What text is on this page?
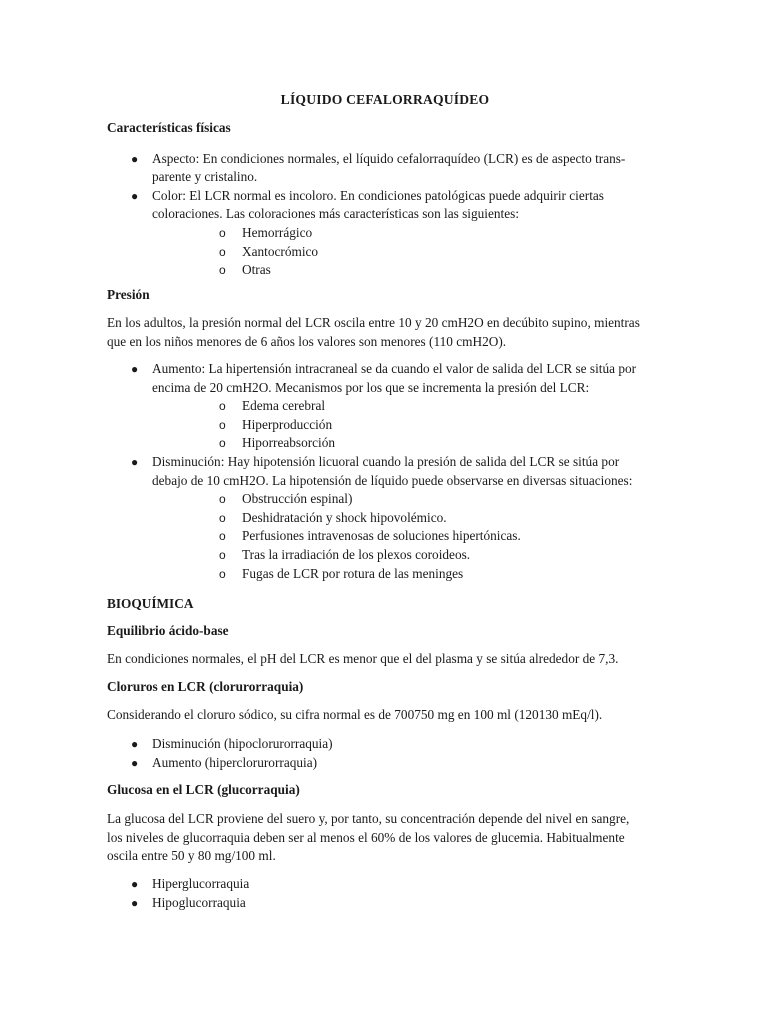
LÍQUIDO CEFALORRAQUÍDEO
Características físicas
● Aspecto: En condiciones normales, el líquido cefalorraquídeo (LCR) es de aspecto trans-
parente y cristalino.
● Color: El LCR normal es incoloro. En condiciones patológicas puede adquirir ciertas
coloraciones. Las coloraciones más características son las siguientes:
o Hemorrágico
o Xantocrómico
o Otras
Presión

En los adultos, la presión normal del LCR oscila entre 10 y 20 cmH2O en decúbito supino, mientras
que en los niños menores de 6 años los valores son menores (110 cmH2O).

● Aumento: La hipertensión intracraneal se da cuando el valor de salida del LCR se sitúa por
encima de 20 cmH2O. Mecanismos por los que se incrementa la presión del LCR:
o Edema cerebral
o Hiperproducción
o Hiporreabsorción
● Disminución: Hay hipotensión licuoral cuando la presión de salida del LCR se sitúa por
debajo de 10 cmH2O. La hipotensión de líquido puede observarse en diversas situaciones:
o Obstrucción espinal)
o Deshidratación y shock hipovolémico.
o Perfusiones intravenosas de soluciones hipertónicas.
o Tras la irradiación de los plexos coroideos.
o Fugas de LCR por rotura de las meninges
BIOQUÍMICA
Equilibrio ácido-base

En condiciones normales, el pH del LCR es menor que el del plasma y se sitúa alrededor de 7,3.

Cloruros en LCR (clorurorraquia)

Considerando el cloruro sódico, su cifra normal es de 700750 mg en 100 ml (120130 mEq/l).

● Disminución (hipoclorurorraquia)
● Aumento (hiperclorurorraquia)
Glucosa en el LCR (glucorraquia)

La glucosa del LCR proviene del suero y, por tanto, su concentración depende del nivel en sangre,
los niveles de glucorraquia deben ser al menos el 60% de los valores de glucemia. Habitualmente
oscila entre 50 y 80 mg/100 ml.

● Hiperglucorraquia
● Hipoglucorraquia
